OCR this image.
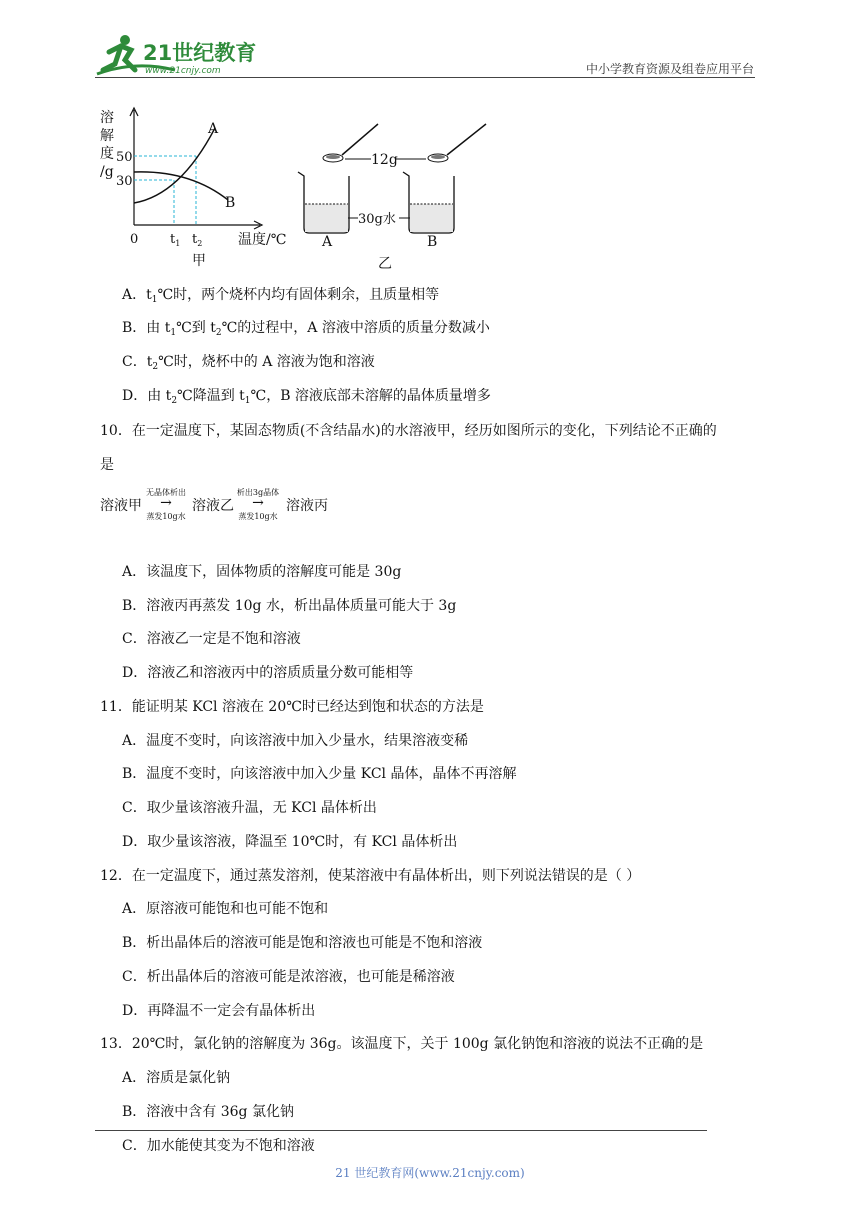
21世纪教育
www.21cnjy.com	中小学教育资源及组卷应用平台
溶
解
度
/g
50
30
A
B
0 $t_1$ $t_2$	温度/℃
甲
12g
30g水
A	B
乙
A．$t_1℃$时，两个烧杯内均有固体剩余，且质量相等
B．由 $t_1℃$到 $t_2℃$的过程中，A 溶液中溶质的质量分数减小
C．$t_2℃$时，烧杯中的 A 溶液为饱和溶液
D．由 $t_2℃$降温到 $t_1℃$，B 溶液底部未溶解的晶体质量增多
10．在一定温度下，某固态物质(不含结晶水)的水溶液甲，经历如图所示的变化，下列结论不正确的
是
溶液甲
无晶体析出
→
蒸发10g水
溶液乙
析出3g晶体
→
蒸发10g水
溶液丙
A．该温度下，固体物质的溶解度可能是 30g
B．溶液丙再蒸发 10g 水，析出晶体质量可能大于 3g
C．溶液乙一定是不饱和溶液
D．溶液乙和溶液丙中的溶质质量分数可能相等
11．能证明某 KCl 溶液在 20℃时已经达到饱和状态的方法是
A．温度不变时，向该溶液中加入少量水，结果溶液变稀
B．温度不变时，向该溶液中加入少量 KCl 晶体，晶体不再溶解
C．取少量该溶液升温，无 KCl 晶体析出
D．取少量该溶液，降温至 10℃时，有 KCl 晶体析出
12．在一定温度下，通过蒸发溶剂，使某溶液中有晶体析出，则下列说法错误的是（ ）
A．原溶液可能饱和也可能不饱和
B．析出晶体后的溶液可能是饱和溶液也可能是不饱和溶液
C．析出晶体后的溶液可能是浓溶液，也可能是稀溶液
D．再降温不一定会有晶体析出
13．20℃时，氯化钠的溶解度为 36g。该温度下，关于 100g 氯化钠饱和溶液的说法不正确的是
A．溶质是氯化钠
B．溶液中含有 36g 氯化钠
C．加水能使其变为不饱和溶液
21 世纪教育网(www.21cnjy.com)
